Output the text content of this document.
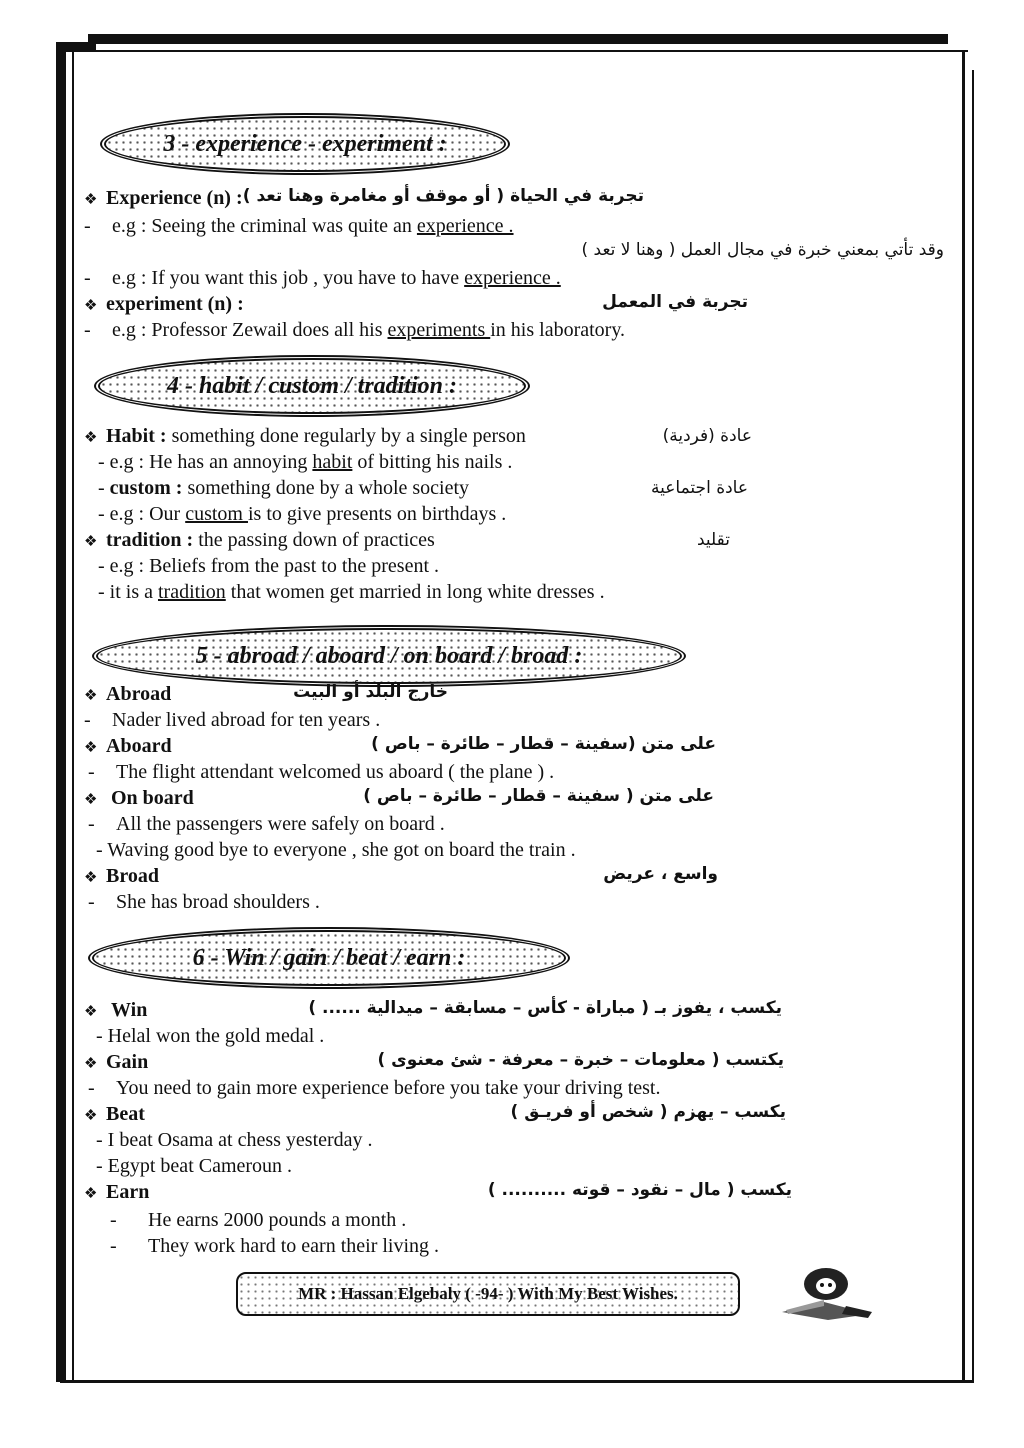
3 - experience - experiment :
❖ Experience (n) : تجربة في الحياة ( أو موقف أو مغامرة وهنا تعد )
- e.g : Seeing the criminal was quite an experience .
وقد تأتي بمعني خبرة في مجال العمل ( وهنا لا تعد )
- e.g : If you want this job , you have to have experience .
❖ experiment (n) :	تجربة في المعمل
- e.g : Professor Zewail does all his experiments in his laboratory.
4 - habit / custom / tradition :
❖ Habit : something done regularly by a single person	عادة (فردية)
- e.g : He has an annoying habit of bitting his nails .
- custom : something done by a whole society	عادة اجتماعية
- e.g : Our custom is to give presents on birthdays .
❖ tradition : the passing down of practices	تقليد
- e.g : Beliefs from the past to the present .
- it is a tradition that women get married in long white dresses .
5 - abroad / aboard / on board / broad :
❖ Abroad	خارج البلد أو البيت
- Nader lived abroad for ten years .
❖ Aboard	على متن (سفينة – قطار – طائرة – باص )
- The flight attendant welcomed us aboard ( the plane ) .
❖ On board	على متن ( سفينة – قطار – طائرة – باص )
- All the passengers were safely on board .
- Waving good bye to everyone , she got on board the train .
❖ Broad	واسع ، عريض
- She has broad shoulders .
6 - Win / gain / beat / earn :
❖ Win	يكسب ، يفوز بـ ( مباراة - كأس – مسابقة – ميدالية ...... )
- Helal won the gold medal .
❖ Gain	يكتسب ( معلومات – خبرة – معرفة - شئ معنوى )
- You need to gain more experience before you take your driving test.
❖ Beat	يكسب – يهزم ( شخص أو فريـق )
- I beat Osama at chess yesterday .
- Egypt beat Cameroun .
❖ Earn	يكسب ( مال – نقود – قوته .......... )
- He earns 2000 pounds a month .
- They work hard to earn their living .
MR : Hassan Elgebaly ( -94- ) With My Best Wishes.
